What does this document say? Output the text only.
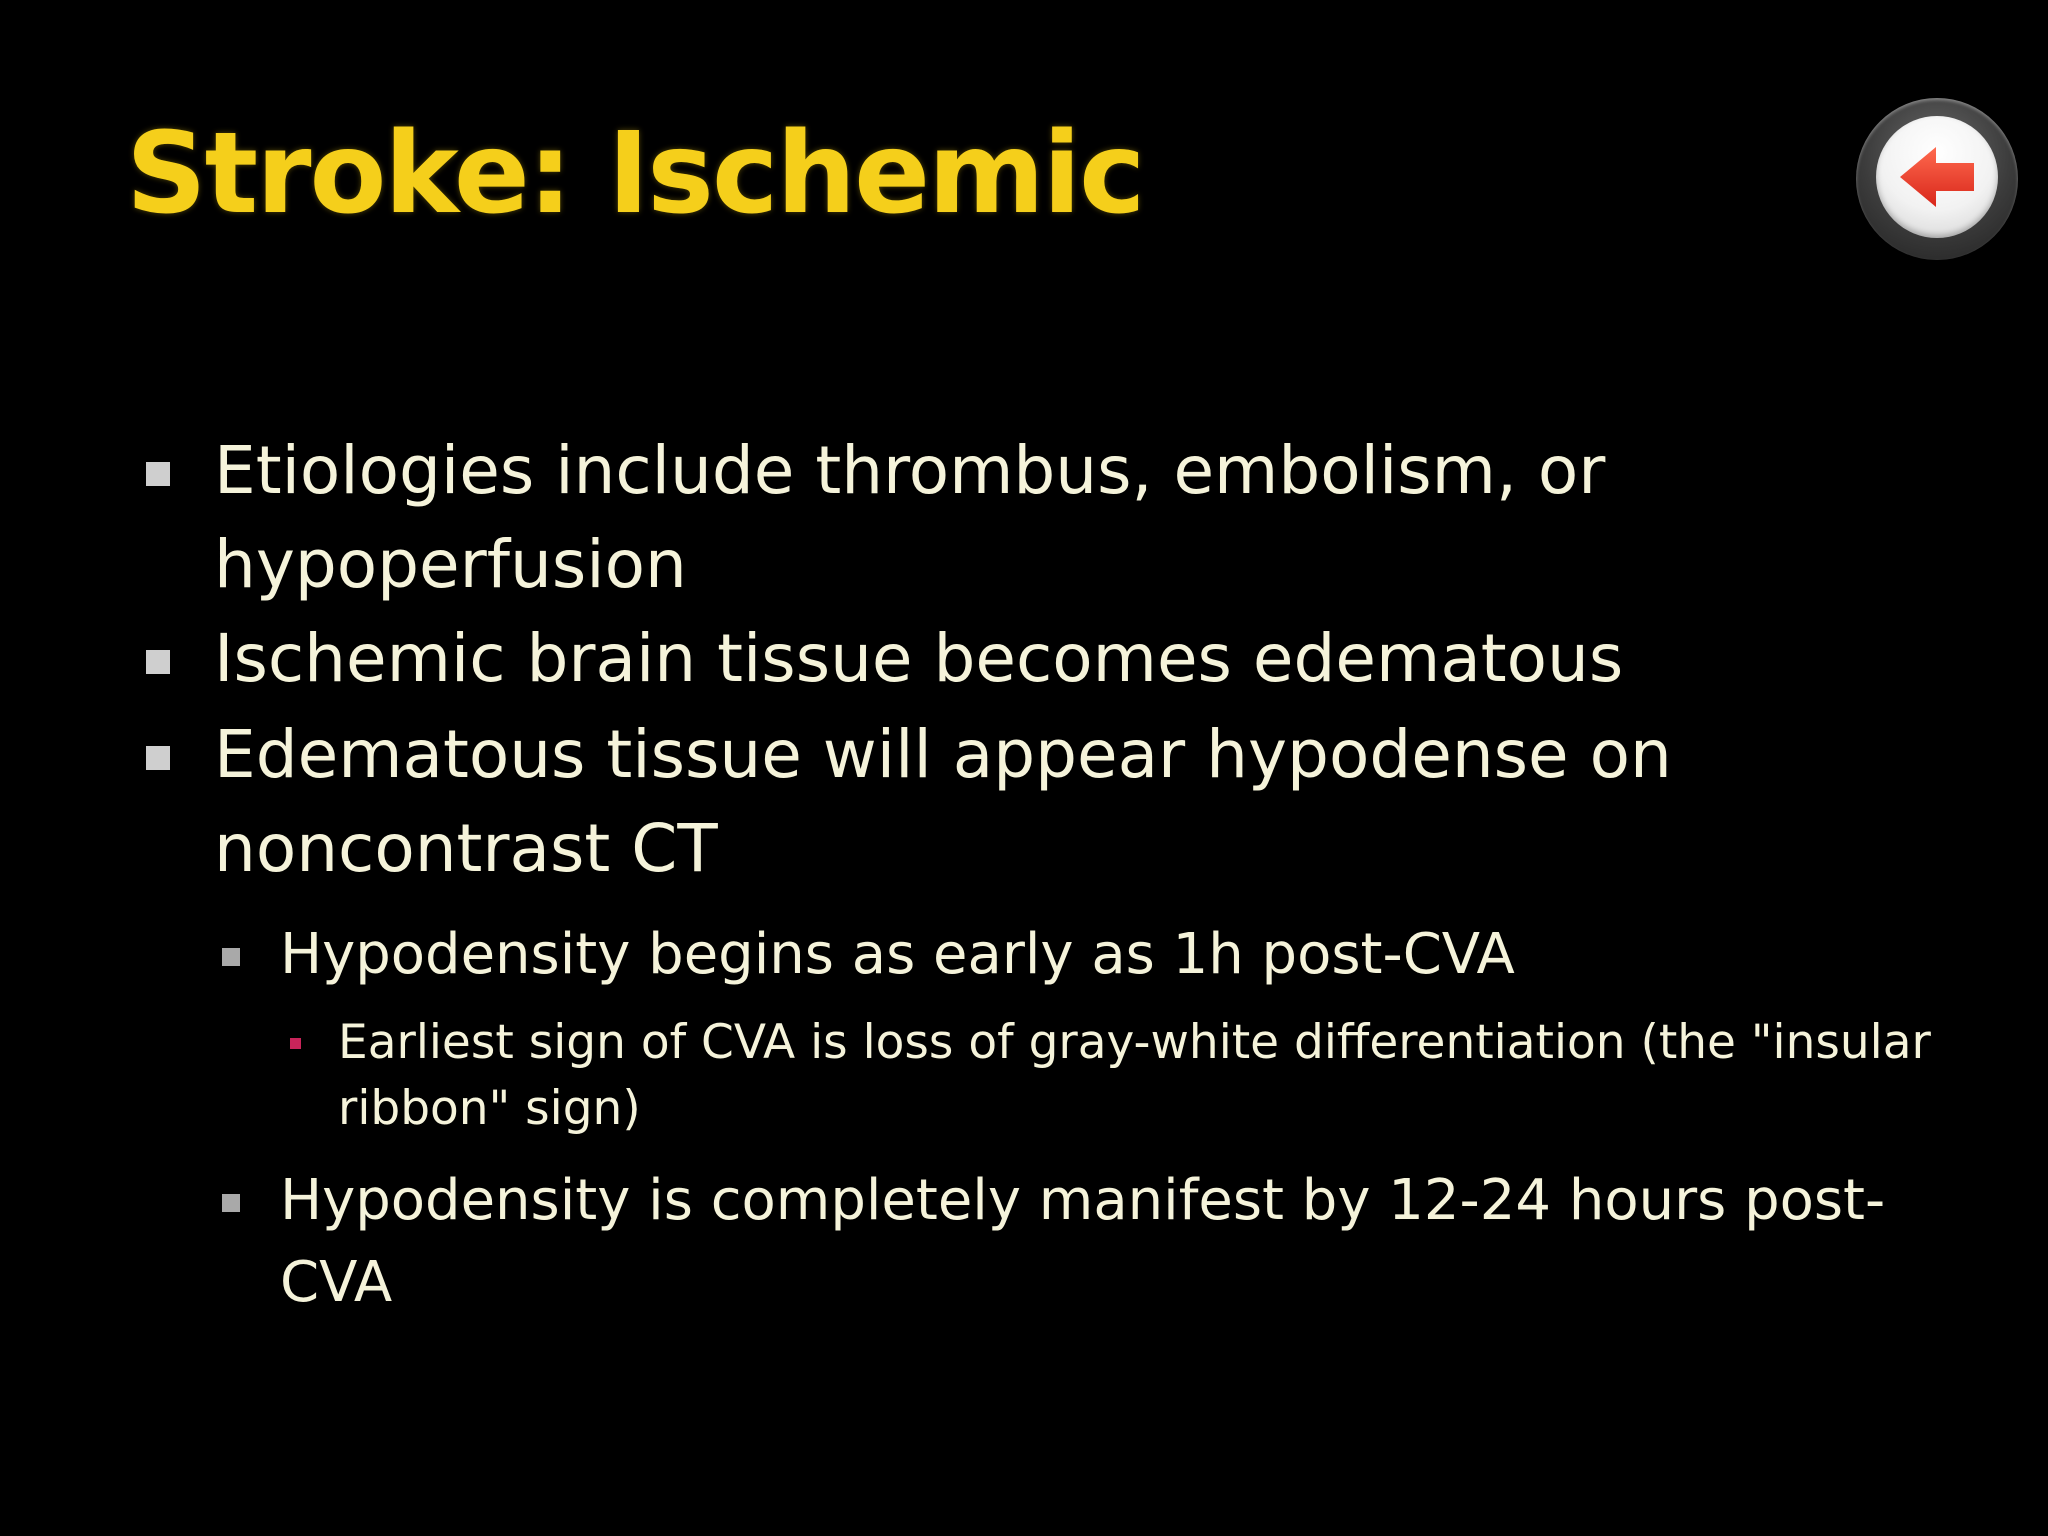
Stroke: Ischemic
Etiologies include thrombus, embolism, or
hypoperfusion
Ischemic brain tissue becomes edematous
Edematous tissue will appear hypodense on
noncontrast CT
Hypodensity begins as early as 1h post-CVA
Earliest sign of CVA is loss of gray-white differentiation (the "insular
ribbon" sign)
Hypodensity is completely manifest by 12-24 hours post-
CVA
